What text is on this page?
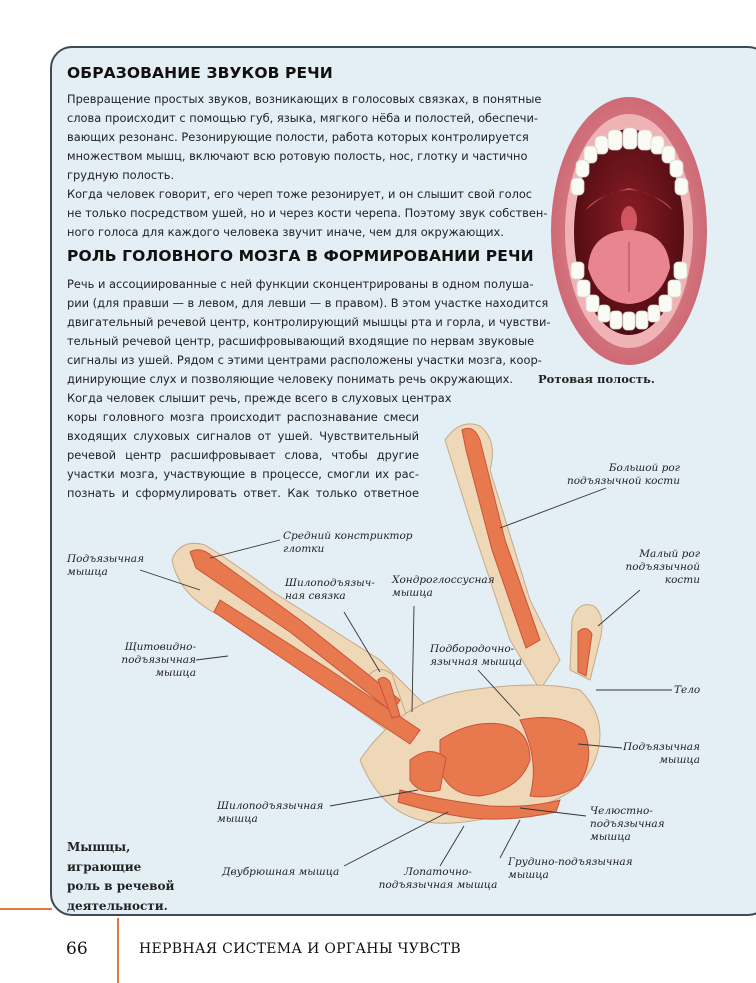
ОБРАЗОВАНИЕ ЗВУКОВ РЕЧИ
Превращение простых звуков, возникающих в голосовых связках, в понятные
слова происходит с помощью губ, языка, мягкого нёба и полостей, обеспечи-
вающих резонанс. Резонирующие полости, работа которых контролируется
множеством мышц, включают всю ротовую полость, нос, глотку и частично
грудную полость.
Когда человек говорит, его череп тоже резонирует, и он слышит свой голос
не только посредством ушей, но и через кости черепа. Поэтому звук собствен-
ного голоса для каждого человека звучит иначе, чем для окружающих.
РОЛЬ ГОЛОВНОГО МОЗГА В ФОРМИРОВАНИИ РЕЧИ
Речь и ассоциированные с ней функции сконцентрированы в одном полуша-
рии (для правши — в левом, для левши — в правом). В этом участке находится
двигательный речевой центр, контролирующий мышцы рта и горла, и чувстви-
тельный речевой центр, расшифровывающий входящие по нервам звуковые
сигналы из ушей. Рядом с этими центрами расположены участки мозга, коор-
динирующие слух и позволяющие человеку понимать речь окружающих.
Когда человек слышит речь, прежде всего в слуховых центрах
коры головного мозга происходит распознавание смеси
входящих слуховых сигналов от ушей. Чувствительный
речевой центр расшифровывает слова, чтобы другие
участки мозга, участвующие в процессе, смогли их рас-
познать и сформулировать ответ. Как только ответное
Ротовая полость.
Большой рог
подъязычной кости
Средний констриктор
глотки
Подъязычная
мышца
Малый рог
подъязычной
кости
Шилоподъязыч-
ная связка
Хондроглоссусная
мышца
Щитовидно-
подъязычная
мышца
Подбородочно-
язычная мышца
Тело
Подъязычная
мышца
Шилоподъязычная
мышца
Челюстно-
подъязычная
мышца
Двубрюшная мышца	Лопаточно-
подъязычная мышца
Грудино-подъязычная
мышца
Мышцы,
играющие
роль в речевой
деятельности.
66	НЕРВНАЯ СИСТЕМА И ОРГАНЫ ЧУВСТВ
